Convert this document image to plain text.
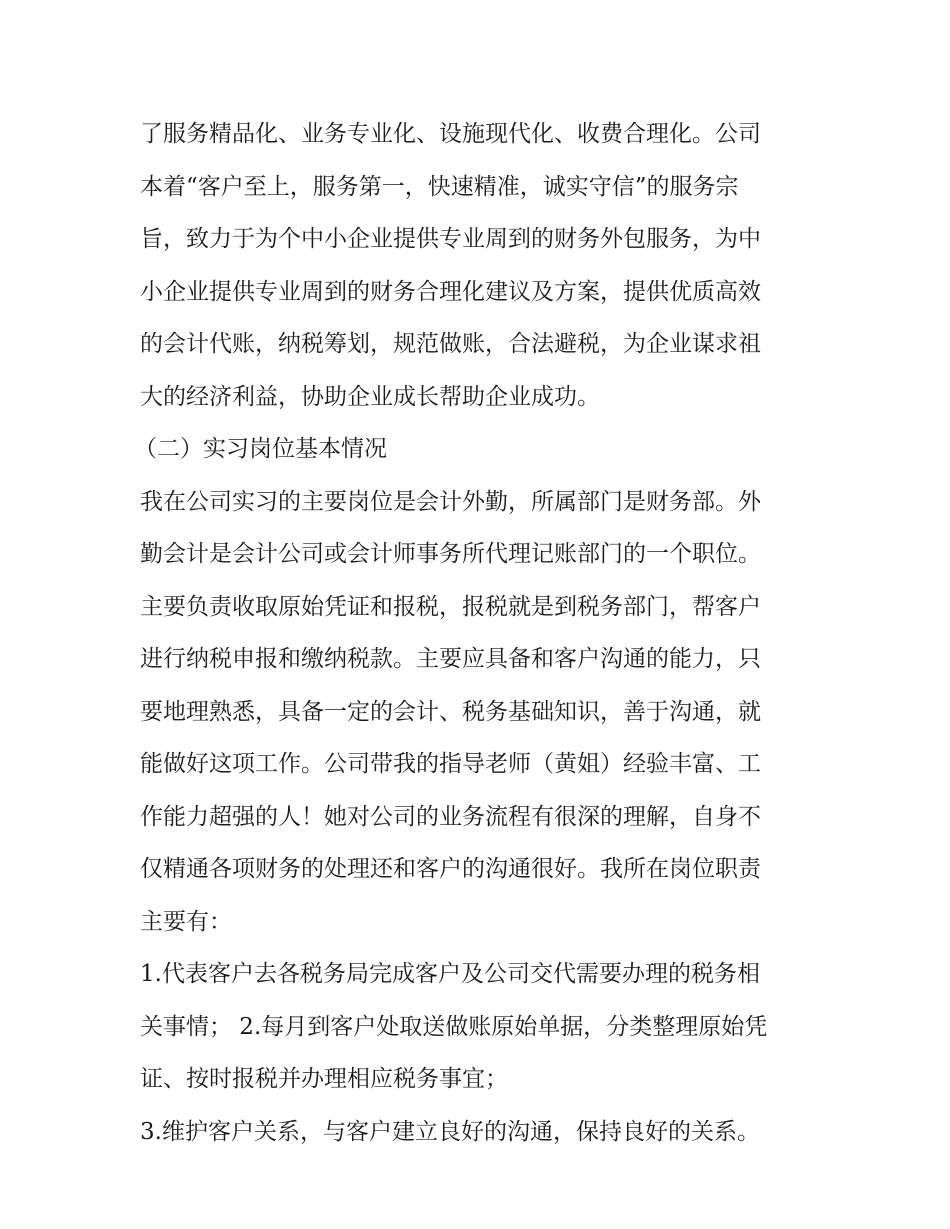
了服务精品化、业务专业化、设施现代化、收费合理化。公司
本着“客户至上，服务第一，快速精准，诚实守信”的服务宗
旨，致力于为个中小企业提供专业周到的财务外包服务，为中
小企业提供专业周到的财务合理化建议及方案，提供优质高效
的会计代账，纳税筹划，规范做账，合法避税，为企业谋求祖
大的经济利益，协助企业成长帮助企业成功。
（二）实习岗位基本情况
我在公司实习的主要岗位是会计外勤，所属部门是财务部。外
勤会计是会计公司或会计师事务所代理记账部门的一个职位。
主要负责收取原始凭证和报税，报税就是到税务部门，帮客户
进行纳税申报和缴纳税款。主要应具备和客户沟通的能力，只
要地理熟悉，具备一定的会计、税务基础知识，善于沟通，就
能做好这项工作。公司带我的指导老师（黄姐）经验丰富、工
作能力超强的人！她对公司的业务流程有很深的理解，自身不
仅精通各项财务的处理还和客户的沟通很好。我所在岗位职责
主要有：
1.代表客户去各税务局完成客户及公司交代需要办理的税务相
关事情； 2.每月到客户处取送做账原始单据，分类整理原始凭
证、按时报税并办理相应税务事宜；
3.维护客户关系，与客户建立良好的沟通，保持良好的关系。
